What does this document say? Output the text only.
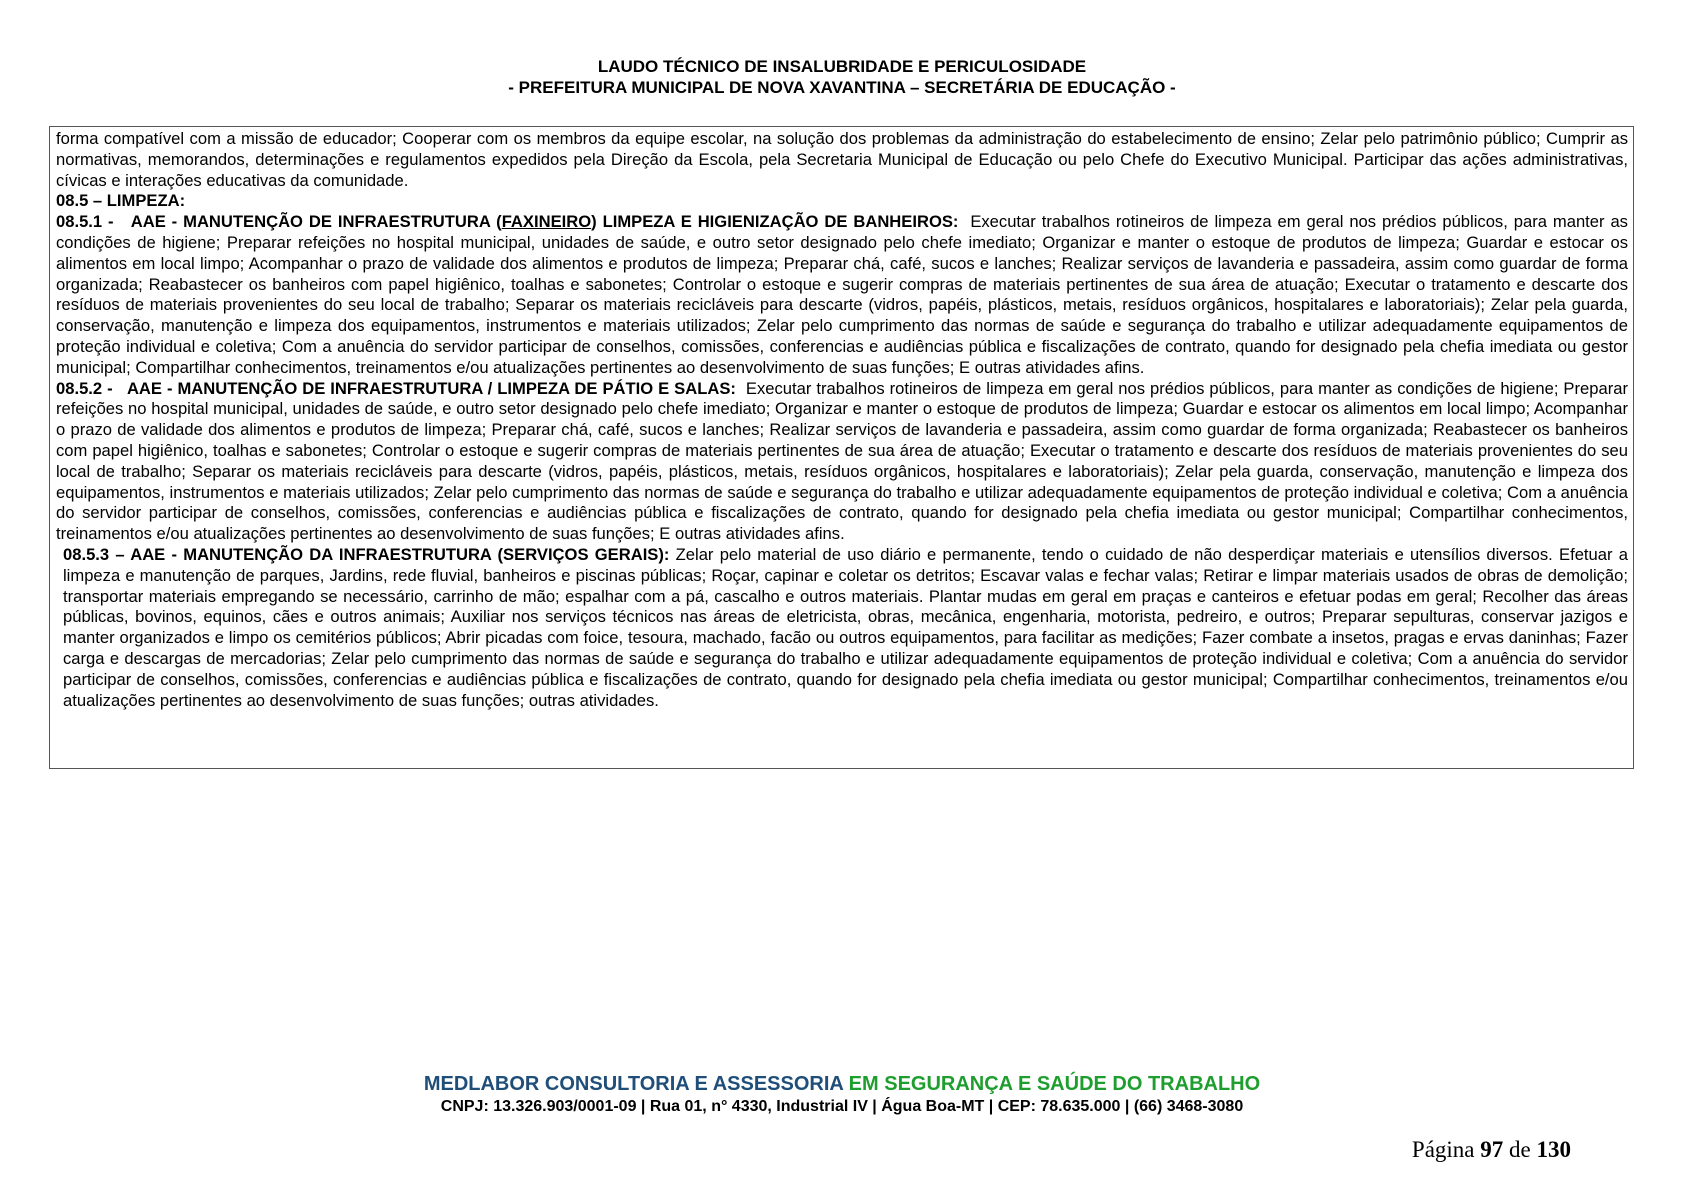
LAUDO TÉCNICO DE INSALUBRIDADE E PERICULOSIDADE
- PREFEITURA MUNICIPAL DE NOVA XAVANTINA – SECRETÁRIA DE EDUCAÇÃO -

forma compatível com a missão de educador; Cooperar com os membros da equipe escolar, na solução dos problemas da administração do estabelecimento de ensino; Zelar pelo patrimônio público; Cumprir as normativas, memorandos, determinações e regulamentos expedidos pela Direção da Escola, pela Secretaria Municipal de Educação ou pelo Chefe do Executivo Municipal. Participar das ações administrativas, cívicas e interações educativas da comunidade.

08.5 – LIMPEZA:

08.5.1 -   AAE - MANUTENÇÃO DE INFRAESTRUTURA (FAXINEIRO) LIMPEZA E HIGIENIZAÇÃO DE BANHEIROS: Executar trabalhos rotineiros de limpeza em geral nos prédios públicos, para manter as condições de higiene; Preparar refeições no hospital municipal, unidades de saúde, e outro setor designado pelo chefe imediato; Organizar e manter o estoque de produtos de limpeza; Guardar e estocar os alimentos em local limpo; Acompanhar o prazo de validade dos alimentos e produtos de limpeza; Preparar chá, café, sucos e lanches; Realizar serviços de lavanderia e passadeira, assim como guardar de forma organizada; Reabastecer os banheiros com papel higiênico, toalhas e sabonetes; Controlar o estoque e sugerir compras de materiais pertinentes de sua área de atuação; Executar o tratamento e descarte dos resíduos de materiais provenientes do seu local de trabalho; Separar os materiais recicláveis para descarte (vidros, papéis, plásticos, metais, resíduos orgânicos, hospitalares e laboratoriais); Zelar pela guarda, conservação, manutenção e limpeza dos equipamentos, instrumentos e materiais utilizados; Zelar pelo cumprimento das normas de saúde e segurança do trabalho e utilizar adequadamente equipamentos de proteção individual e coletiva; Com a anuência do servidor participar de conselhos, comissões, conferencias e audiências pública e fiscalizações de contrato, quando for designado pela chefia imediata ou gestor municipal; Compartilhar conhecimentos, treinamentos e/ou atualizações pertinentes ao desenvolvimento de suas funções; E outras atividades afins.

08.5.2 -   AAE - MANUTENÇÃO DE INFRAESTRUTURA / LIMPEZA DE PÁTIO E SALAS: Executar trabalhos rotineiros de limpeza em geral nos prédios públicos, para manter as condições de higiene; Preparar refeições no hospital municipal, unidades de saúde, e outro setor designado pelo chefe imediato; Organizar e manter o estoque de produtos de limpeza; Guardar e estocar os alimentos em local limpo; Acompanhar o prazo de validade dos alimentos e produtos de limpeza; Preparar chá, café, sucos e lanches; Realizar serviços de lavanderia e passadeira, assim como guardar de forma organizada; Reabastecer os banheiros com papel higiênico, toalhas e sabonetes; Controlar o estoque e sugerir compras de materiais pertinentes de sua área de atuação; Executar o tratamento e descarte dos resíduos de materiais provenientes do seu local de trabalho; Separar os materiais recicláveis para descarte (vidros, papéis, plásticos, metais, resíduos orgânicos, hospitalares e laboratoriais); Zelar pela guarda, conservação, manutenção e limpeza dos equipamentos, instrumentos e materiais utilizados; Zelar pelo cumprimento das normas de saúde e segurança do trabalho e utilizar adequadamente equipamentos de proteção individual e coletiva; Com a anuência do servidor participar de conselhos, comissões, conferencias e audiências pública e fiscalizações de contrato, quando for designado pela chefia imediata ou gestor municipal; Compartilhar conhecimentos, treinamentos e/ou atualizações pertinentes ao desenvolvimento de suas funções; E outras atividades afins.

08.5.3 – AAE - MANUTENÇÃO DA INFRAESTRUTURA (SERVIÇOS GERAIS): Zelar pelo material de uso diário e permanente, tendo o cuidado de não desperdiçar materiais e utensílios diversos. Efetuar a limpeza e manutenção de parques, Jardins, rede fluvial, banheiros e piscinas públicas; Roçar, capinar e coletar os detritos; Escavar valas e fechar valas; Retirar e limpar materiais usados de obras de demolição; transportar materiais empregando se necessário, carrinho de mão; espalhar com a pá, cascalho e outros materiais. Plantar mudas em geral em praças e canteiros e efetuar podas em geral; Recolher das áreas públicas, bovinos, equinos, cães e outros animais; Auxiliar nos serviços técnicos nas áreas de eletricista, obras, mecânica, engenharia, motorista, pedreiro, e outros; Preparar sepulturas, conservar jazigos e manter organizados e limpo os cemitérios públicos; Abrir picadas com foice, tesoura, machado, facão ou outros equipamentos, para facilitar as medições; Fazer combate a insetos, pragas e ervas daninhas; Fazer carga e descargas de mercadorias; Zelar pelo cumprimento das normas de saúde e segurança do trabalho e utilizar adequadamente equipamentos de proteção individual e coletiva; Com a anuência do servidor participar de conselhos, comissões, conferencias e audiências pública e fiscalizações de contrato, quando for designado pela chefia imediata ou gestor municipal; Compartilhar conhecimentos, treinamentos e/ou atualizações pertinentes ao desenvolvimento de suas funções; outras atividades.

MEDLABOR CONSULTORIA E ASSESSORIA EM SEGURANÇA E SAÚDE DO TRABALHO
CNPJ: 13.326.903/0001-09 | Rua 01, n° 4330, Industrial IV | Água Boa-MT | CEP: 78.635.000 | (66) 3468-3080
Página 97 de 130
